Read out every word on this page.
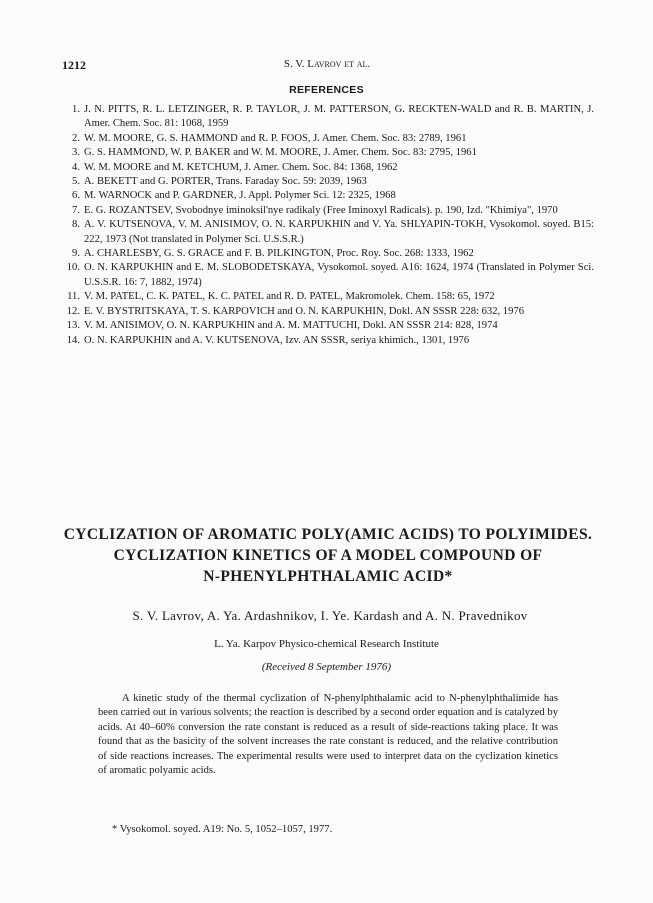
1212	S. V. Lavrov et al.
REFERENCES
1. J. N. PITTS, R. L. LETZINGER, R. P. TAYLOR, J. M. PATTERSON, G. RECKTEN-WALD and R. B. MARTIN, J. Amer. Chem. Soc. 81: 1068, 1959
2. W. M. MOORE, G. S. HAMMOND and R. P. FOOS, J. Amer. Chem. Soc. 83: 2789, 1961
3. G. S. HAMMOND, W. P. BAKER and W. M. MOORE, J. Amer. Chem. Soc. 83: 2795, 1961
4. W. M. MOORE and M. KETCHUM, J. Amer. Chem. Soc. 84: 1368, 1962
5. A. BEKETT and G. PORTER, Trans. Faraday Soc. 59: 2039, 1963
6. M. WARNOCK and P. GARDNER, J. Appl. Polymer Sci. 12: 2325, 1968
7. E. G. ROZANTSEV, Svobodnye iminoksil'nye radikaly (Free Iminoxyl Radicals). p. 190, Izd. "Khimiya", 1970
8. A. V. KUTSENOVA, V. M. ANISIMOV, O. N. KARPUKHIN and V. Ya. SHLYAPIN-TOKH, Vysokomol. soyed. B15: 222, 1973 (Not translated in Polymer Sci. U.S.S.R.)
9. A. CHARLESBY, G. S. GRACE and F. B. PILKINGTON, Proc. Roy. Soc. 268: 1333, 1962
10. O. N. KARPUKHIN and E. M. SLOBODETSKAYA, Vysokomol. soyed. A16: 1624, 1974 (Translated in Polymer Sci. U.S.S.R. 16: 7, 1882, 1974)
11. V. M. PATEL, C. K. PATEL, K. C. PATEL and R. D. PATEL, Makromolek. Chem. 158: 65, 1972
12. E. V. BYSTRITSKAYA, T. S. KARPOVICH and O. N. KARPUKHIN, Dokl. AN SSSR 228: 632, 1976
13. V. M. ANISIMOV, O. N. KARPUKHIN and A. M. MATTUCHI, Dokl. AN SSSR 214: 828, 1974
14. O. N. KARPUKHIN and A. V. KUTSENOVA, Izv. AN SSSR, seriya khimich., 1301, 1976
CYCLIZATION OF AROMATIC POLY(AMIC ACIDS) TO POLYIMIDES.
CYCLIZATION KINETICS OF A MODEL COMPOUND OF
N-PHENYLPHTHALAMIC ACID*
S. V. Lavrov, A. Ya. Ardashnikov, I. Ye. Kardash and A. N. Pravednikov
L. Ya. Karpov Physico-chemical Research Institute
(Received 8 September 1976)

A kinetic study of the thermal cyclization of N-phenylphthalamic acid to N-phenylphthalimide has been carried out in various solvents; the reaction is described by a second order equation and is catalyzed by acids. At 40–60% conversion the rate constant is reduced as a result of side-reactions taking place. It was found that as the basicity of the solvent increases the rate constant is reduced, and the relative contribution of side reactions increases. The experimental results were used to interpret data on the cyclization kinetics of aromatic polyamic acids.

* Vysokomol. soyed. A19: No. 5, 1052–1057, 1977.
